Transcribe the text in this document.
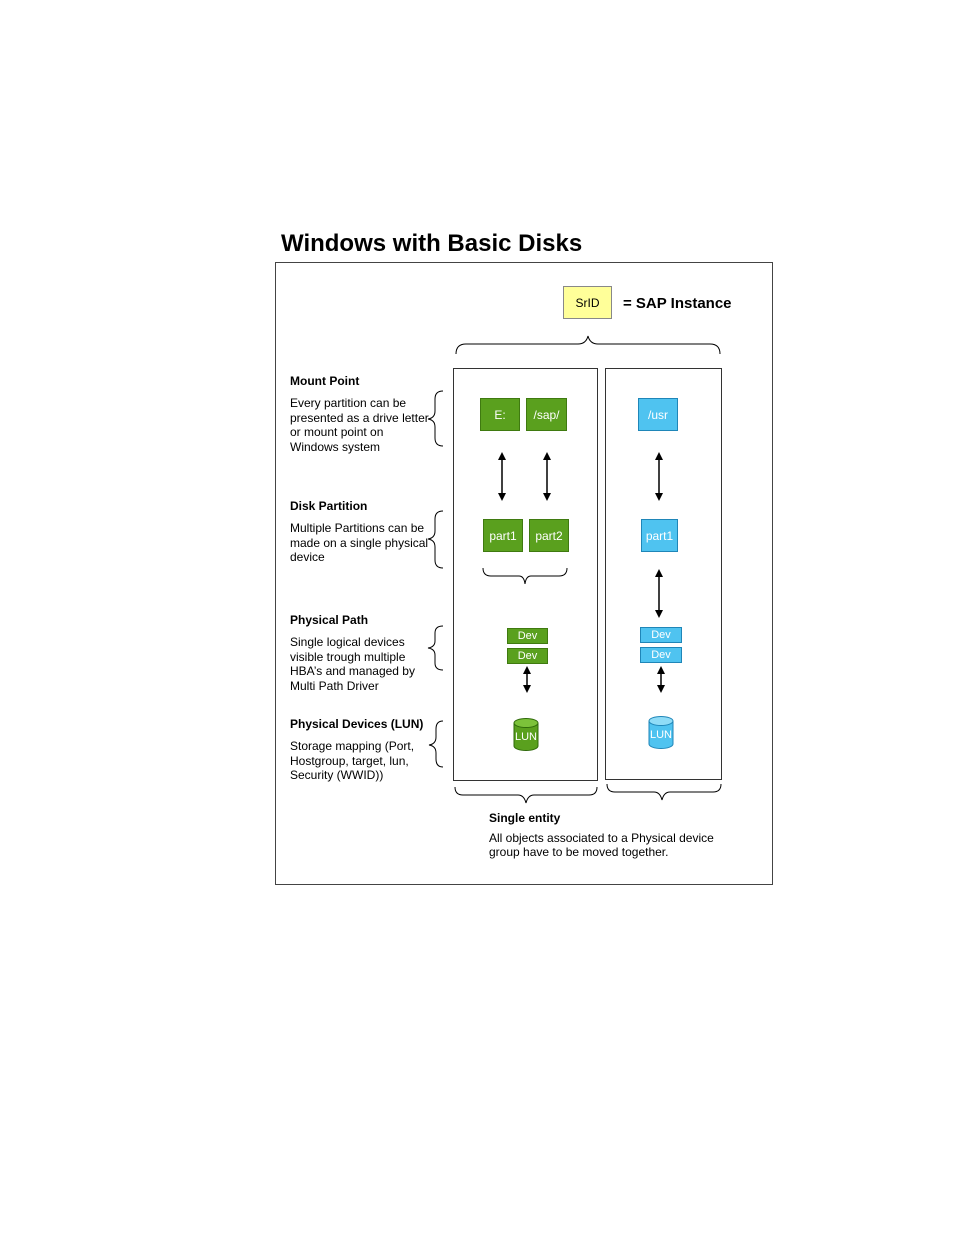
Windows with Basic Disks
SrID	= SAP Instance
Mount Point
Every partition can be presented as a drive letter or mount point on Windows system
Disk Partition
Multiple Partitions can be made on a single physical device
Physical Path
Single logical devices visible trough multiple HBA’s and managed by Multi Path Driver
Physical Devices (LUN)
Storage mapping (Port, Hostgroup, target, lun, Security (WWID))
E:	/sap/
part1	part2
Dev
Dev
/usr
part1
Dev
Dev
Single entity
All objects associated to a Physical device group have to be moved together.
LUN	LUN
